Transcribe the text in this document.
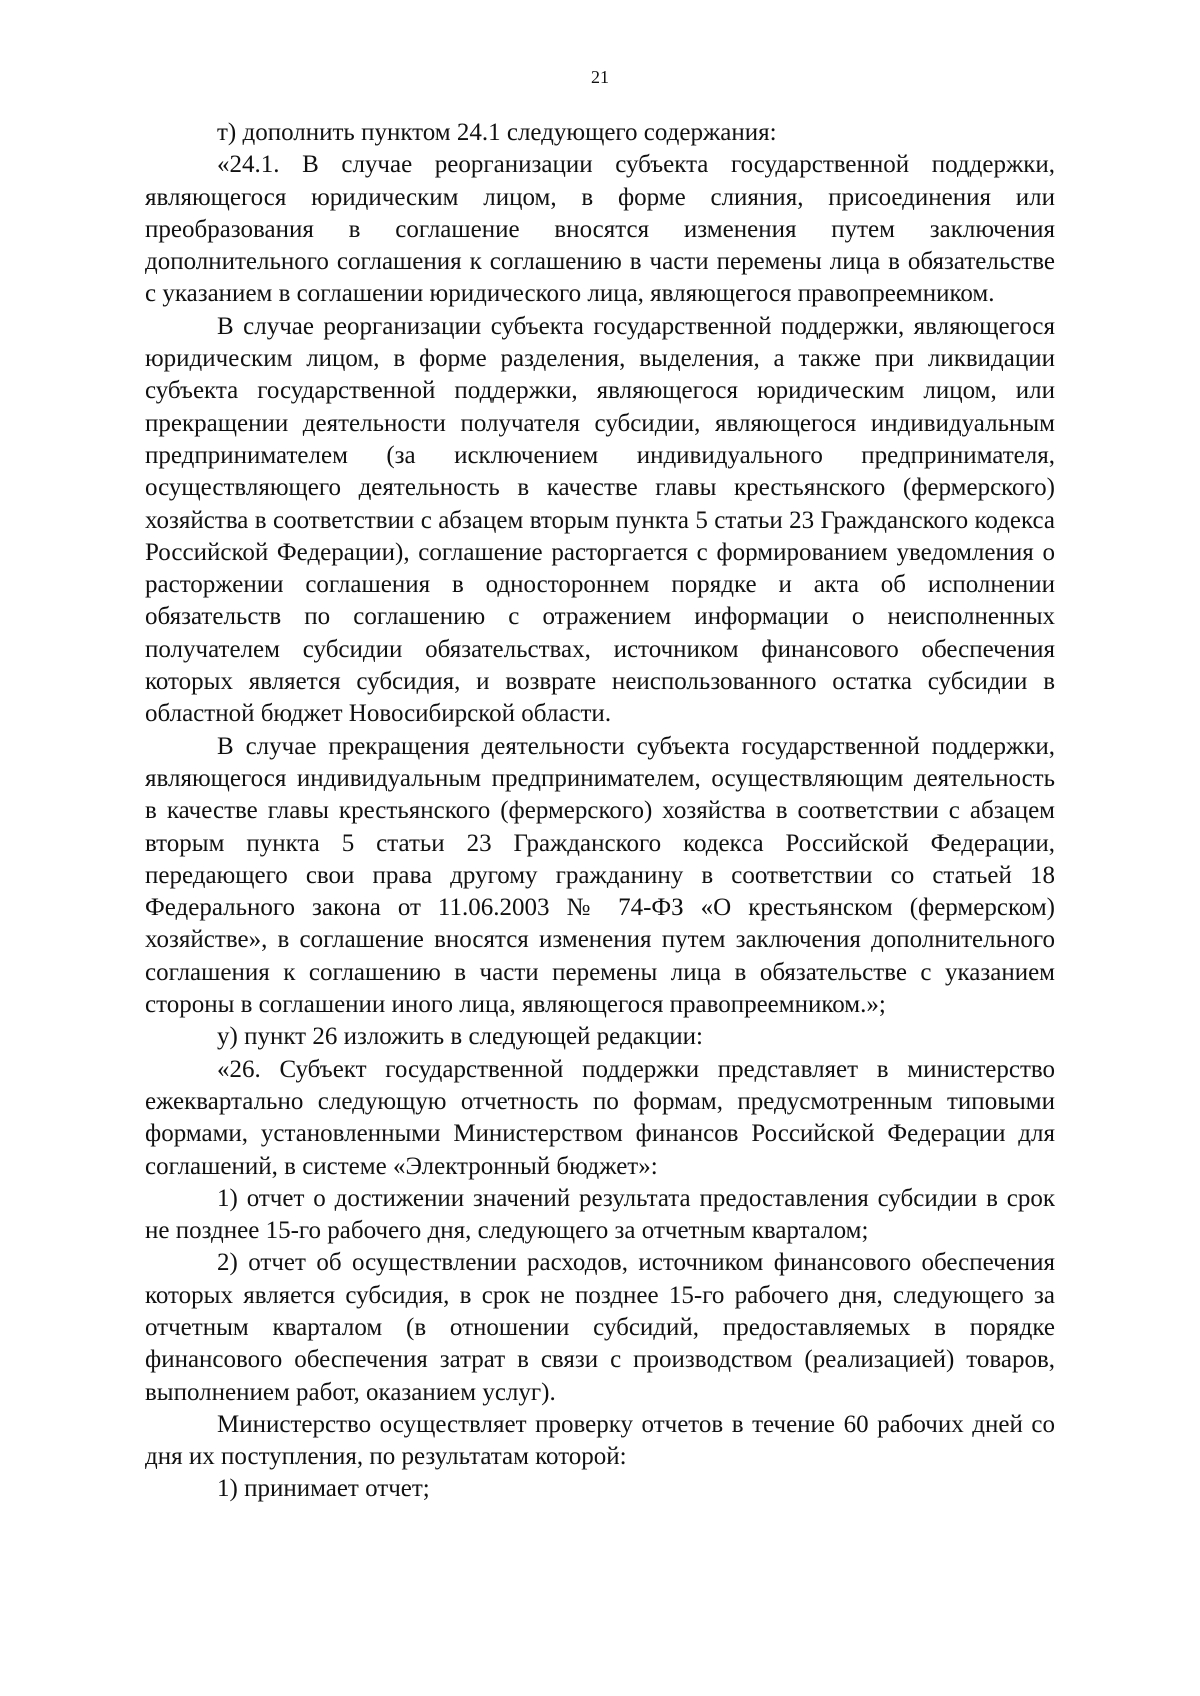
21

т) дополнить пунктом 24.1 следующего содержания:

«24.1. В случае реорганизации субъекта государственной поддержки, являющегося юридическим лицом, в форме слияния, присоединения или преобразования в соглашение вносятся изменения путем заключения дополнительного соглашения к соглашению в части перемены лица в обязательстве с указанием в соглашении юридического лица, являющегося правопреемником.

В случае реорганизации субъекта государственной поддержки, являющегося юридическим лицом, в форме разделения, выделения, а также при ликвидации субъекта государственной поддержки, являющегося юридическим лицом, или прекращении деятельности получателя субсидии, являющегося индивидуальным предпринимателем (за исключением индивидуального предпринимателя, осуществляющего деятельность в качестве главы крестьянского (фермерского) хозяйства в соответствии с абзацем вторым пункта 5 статьи 23 Гражданского кодекса Российской Федерации), соглашение расторгается с формированием уведомления о расторжении соглашения в одностороннем порядке и акта об исполнении обязательств по соглашению с отражением информации о неисполненных получателем субсидии обязательствах, источником финансового обеспечения которых является субсидия, и возврате неиспользованного остатка субсидии в областной бюджет Новосибирской области.

В случае прекращения деятельности субъекта государственной поддержки, являющегося индивидуальным предпринимателем, осуществляющим деятельность в качестве главы крестьянского (фермерского) хозяйства в соответствии с абзацем вторым пункта 5 статьи 23 Гражданского кодекса Российской Федерации, передающего свои права другому гражданину в соответствии со статьей 18 Федерального закона от 11.06.2003 № 74-ФЗ «О крестьянском (фермерском) хозяйстве», в соглашение вносятся изменения путем заключения дополнительного соглашения к соглашению в части перемены лица в обязательстве с указанием стороны в соглашении иного лица, являющегося правопреемником.»;

у) пункт 26 изложить в следующей редакции:

«26. Субъект государственной поддержки представляет в министерство ежеквартально следующую отчетность по формам, предусмотренным типовыми формами, установленными Министерством финансов Российской Федерации для соглашений, в системе «Электронный бюджет»:

1) отчет о достижении значений результата предоставления субсидии в срок не позднее 15-го рабочего дня, следующего за отчетным кварталом;

2) отчет об осуществлении расходов, источником финансового обеспечения которых является субсидия, в срок не позднее 15-го рабочего дня, следующего за отчетным кварталом (в отношении субсидий, предоставляемых в порядке финансового обеспечения затрат в связи с производством (реализацией) товаров, выполнением работ, оказанием услуг).

Министерство осуществляет проверку отчетов в течение 60 рабочих дней со дня их поступления, по результатам которой:

1) принимает отчет;
